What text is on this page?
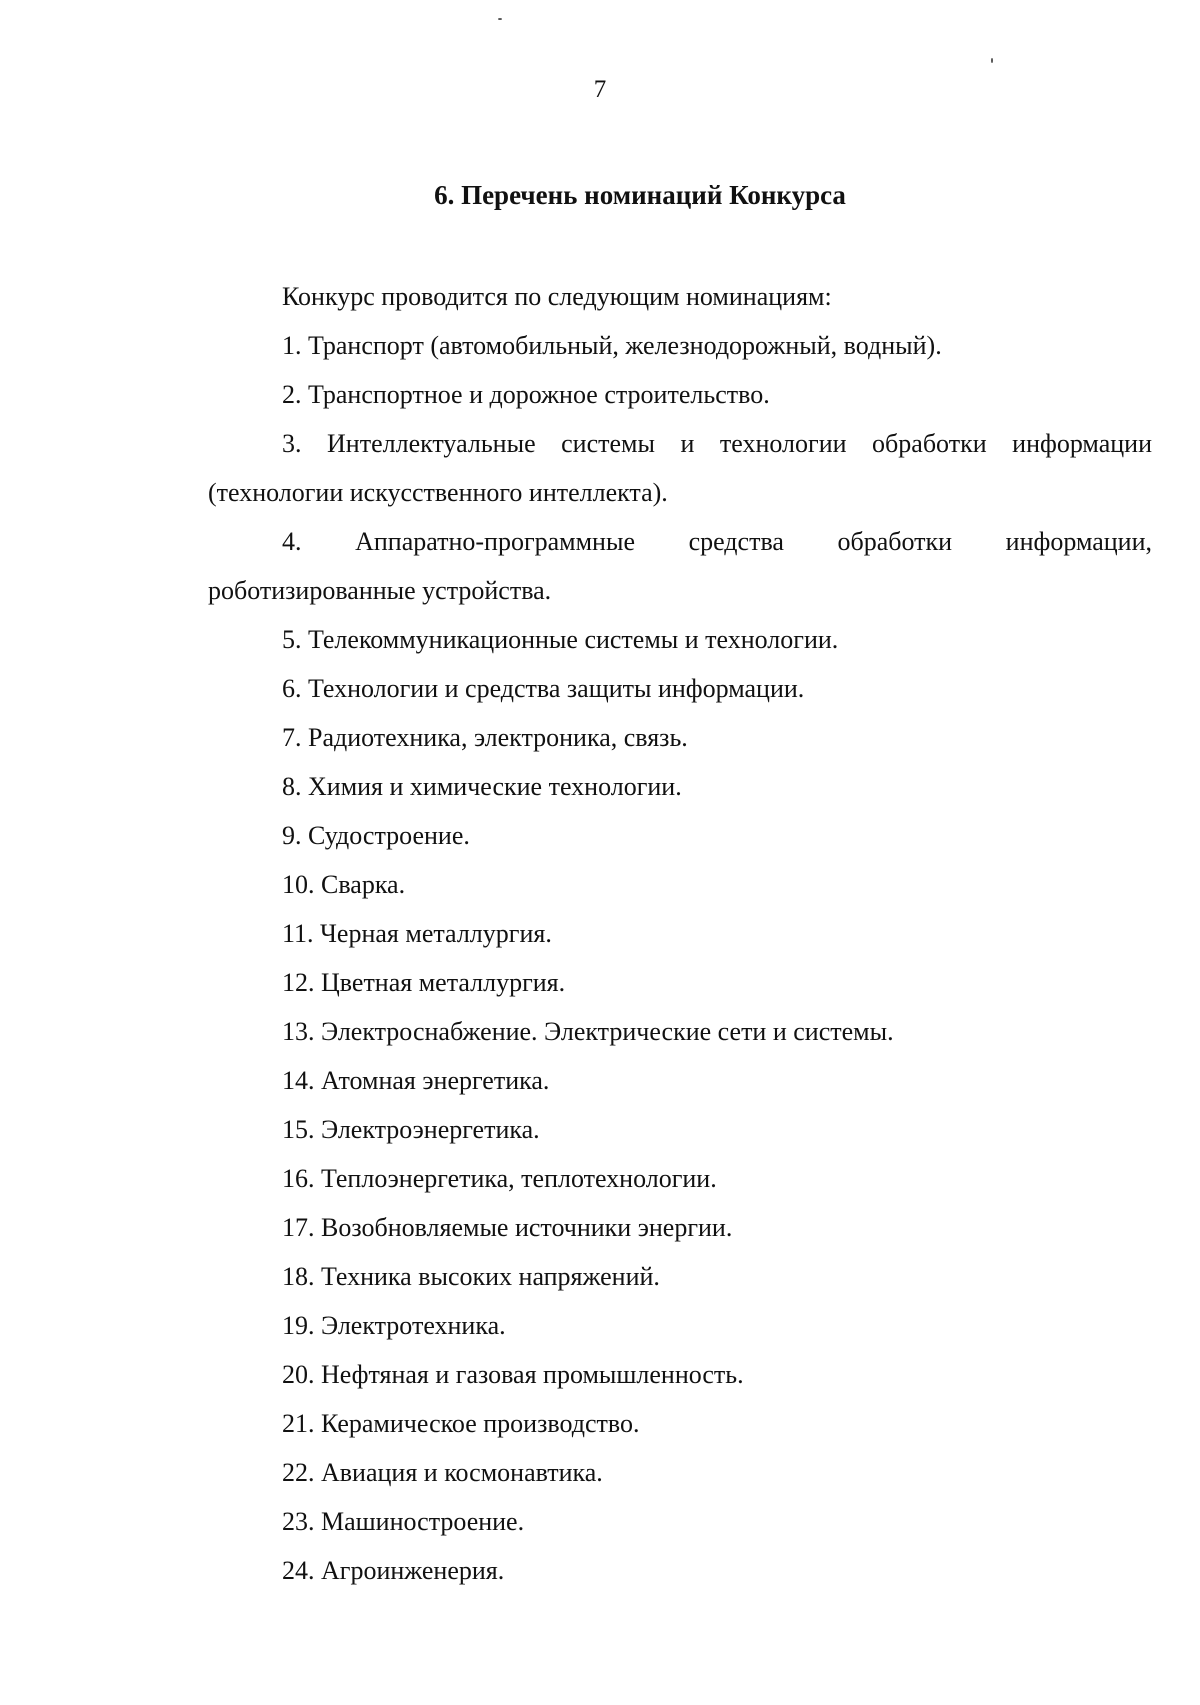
7
6. Перечень номинаций Конкурса

Конкурс проводится по следующим номинациям:

1. Транспорт (автомобильный, железнодорожный, водный).

2. Транспортное и дорожное строительство.

3. Интеллектуальные системы и технологии обработки информации (технологии искусственного интеллекта).

4. Аппаратно-программные средства обработки информации, роботизированные устройства.

5. Телекоммуникационные системы и технологии.

6. Технологии и средства защиты информации.

7. Радиотехника, электроника, связь.

8. Химия и химические технологии.

9. Судостроение.

10. Сварка.

11. Черная металлургия.

12. Цветная металлургия.

13. Электроснабжение. Электрические сети и системы.

14. Атомная энергетика.

15. Электроэнергетика.

16. Теплоэнергетика, теплотехнологии.

17. Возобновляемые источники энергии.

18. Техника высоких напряжений.

19. Электротехника.

20. Нефтяная и газовая промышленность.

21. Керамическое производство.

22. Авиация и космонавтика.

23. Машиностроение.

24. Агроинженерия.
